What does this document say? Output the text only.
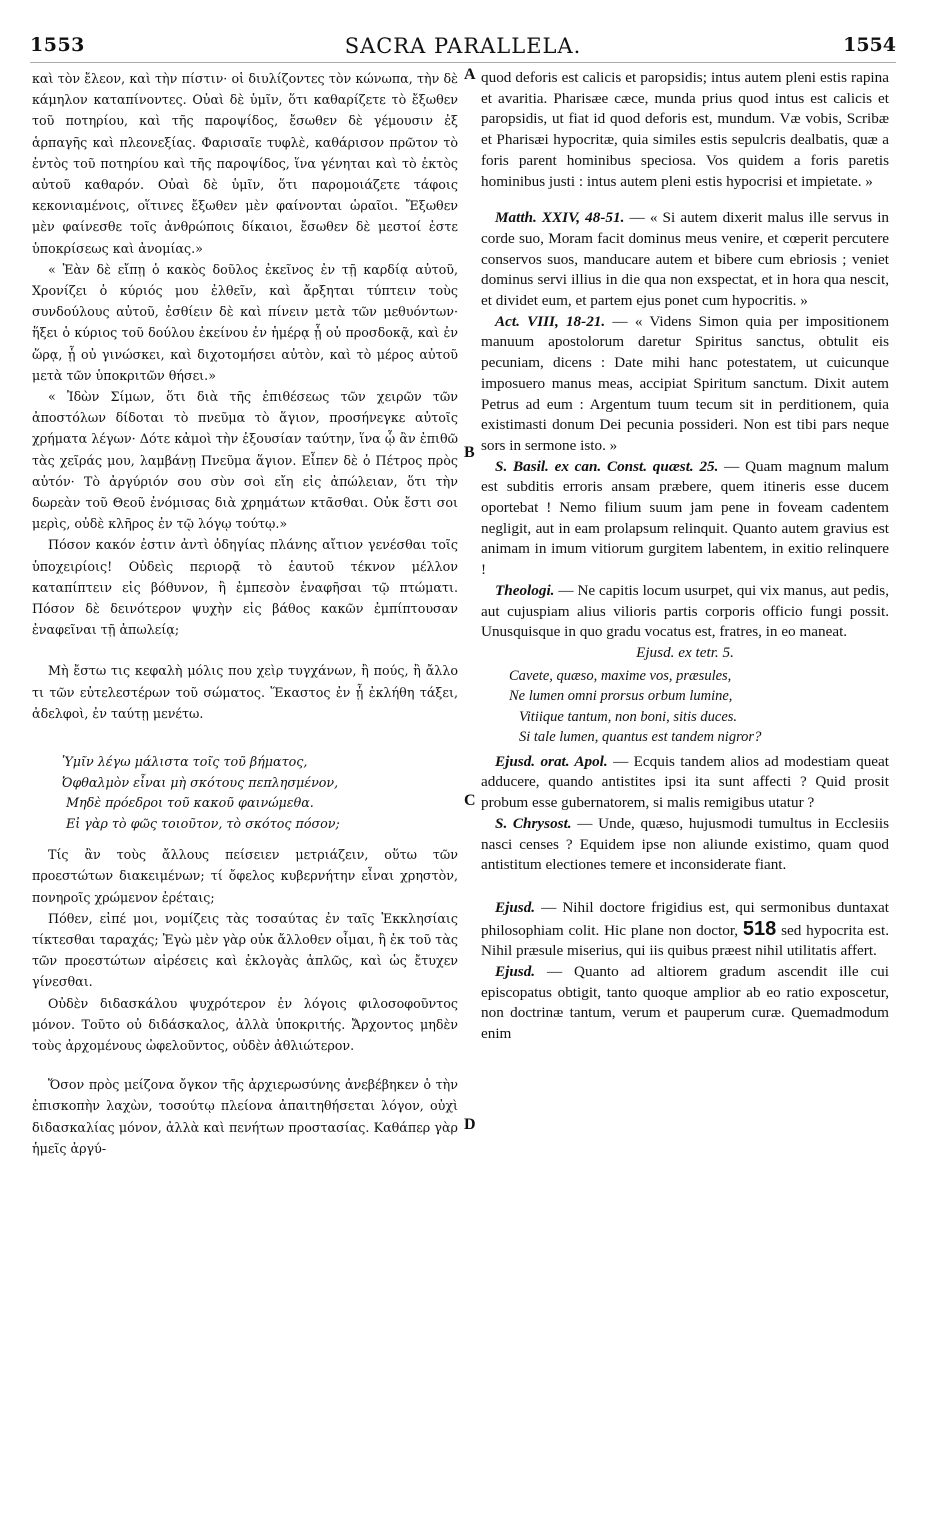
1553	SACRA PARALLELA.	1554
A
B
C
D

καὶ τὸν ἔλεον, καὶ τὴν πίστιν· οἱ διυλίζοντες τὸν κώνωπα, τὴν δὲ κάμηλον καταπίνοντες. Οὐαὶ δὲ ὑμῖν, ὅτι καθαρίζετε τὸ ἔξωθεν τοῦ ποτηρίου, καὶ τῆς παροψίδος, ἔσωθεν δὲ γέμουσιν ἐξ ἁρπαγῆς καὶ πλεονεξίας. Φαρισαῖε τυφλὲ, καθάρισον πρῶτον τὸ ἐντὸς τοῦ ποτηρίου καὶ τῆς παροψίδος, ἵνα γένηται καὶ τὸ ἐκτὸς αὐτοῦ καθαρόν. Οὐαὶ δὲ ὑμῖν, ὅτι παρομοιάζετε τάφοις κεκονιαμένοις, οἵτινες ἔξωθεν μὲν φαίνονται ὡραῖοι. Ἔξωθεν μὲν φαίνεσθε τοῖς ἀνθρώποις δίκαιοι, ἔσωθεν δὲ μεστοί ἐστε ὑποκρίσεως καὶ ἀνομίας.»

« Ἐὰν δὲ εἴπῃ ὁ κακὸς δοῦλος ἐκεῖνος ἐν τῇ καρδίᾳ αὐτοῦ, Χρονίζει ὁ κύριός μου ἐλθεῖν, καὶ ἄρξηται τύπτειν τοὺς συνδούλους αὐτοῦ, ἐσθίειν δὲ καὶ πίνειν μετὰ τῶν μεθυόντων· ἥξει ὁ κύριος τοῦ δούλου ἐκείνου ἐν ἡμέρᾳ ᾗ οὐ προσδοκᾷ, καὶ ἐν ὥρᾳ, ᾗ οὐ γινώσκει, καὶ διχοτομήσει αὐτὸν, καὶ τὸ μέρος αὐτοῦ μετὰ τῶν ὑποκριτῶν θήσει.»

« Ἰδὼν Σίμων, ὅτι διὰ τῆς ἐπιθέσεως τῶν χειρῶν τῶν ἀποστόλων δίδοται τὸ πνεῦμα τὸ ἅγιον, προσήνεγκε αὐτοῖς χρήματα λέγων· Δότε κἀμοὶ τὴν ἐξουσίαν ταύτην, ἵνα ᾧ ἂν ἐπιθῶ τὰς χεῖράς μου, λαμβάνῃ Πνεῦμα ἅγιον. Εἶπεν δὲ ὁ Πέτρος πρὸς αὐτόν· Τὸ ἀργύριόν σου σὺν σοὶ εἴη εἰς ἀπώλειαν, ὅτι τὴν δωρεὰν τοῦ Θεοῦ ἐνόμισας διὰ χρημάτων κτᾶσθαι. Οὐκ ἔστι σοι μερὶς, οὐδὲ κλῆρος ἐν τῷ λόγῳ τούτῳ.»

Πόσον κακόν ἐστιν ἀντὶ ὁδηγίας πλάνης αἴτιον γενέσθαι τοῖς ὑποχειρίοις! Οὐδεὶς περιορᾷ τὸ ἑαυτοῦ τέκνον μέλλον καταπίπτειν εἰς βόθυνον, ἢ ἐμπεσὸν ἐναφῆσαι τῷ πτώματι. Πόσον δὲ δεινότερον ψυχὴν εἰς βάθος κακῶν ἐμπίπτουσαν ἐναφεῖναι τῇ ἀπωλείᾳ;

Μὴ ἔστω τις κεφαλὴ μόλις που χεὶρ τυγχάνων, ἢ πούς, ἢ ἄλλο τι τῶν εὐτελεστέρων τοῦ σώματος. Ἕκαστος ἐν ᾗ ἐκλήθη τάξει, ἀδελφοὶ, ἐν ταύτῃ μενέτω.

Ὑμῖν λέγω μάλιστα τοῖς τοῦ βήματος,
Ὀφθαλμὸν εἶναι μὴ σκότους πεπλησμένον,
Μηδὲ πρόεδροι τοῦ κακοῦ φαινώμεθα.
Εἰ γὰρ τὸ φῶς τοιοῦτον, τὸ σκότος πόσον;

Τίς ἂν τοὺς ἄλλους πείσειεν μετριάζειν, οὕτω τῶν προεστώτων διακειμένων; τί ὄφελος κυβερνήτην εἶναι χρηστὸν, πονηροῖς χρώμενον ἐρέταις;

Πόθεν, εἰπέ μοι, νομίζεις τὰς τοσαύτας ἐν ταῖς Ἐκκλησίαις τίκτεσθαι ταραχάς; Ἐγὼ μὲν γὰρ οὐκ ἄλλοθεν οἶμαι, ἢ ἐκ τοῦ τὰς τῶν προεστώτων αἱρέσεις καὶ ἐκλογὰς ἁπλῶς, καὶ ὡς ἔτυχεν γίνεσθαι.

Οὐδὲν διδασκάλου ψυχρότερον ἐν λόγοις φιλοσοφοῦντος μόνον. Τοῦτο οὐ διδάσκαλος, ἀλλὰ ὑποκριτής. Ἄρχοντος μηδὲν τοὺς ἀρχομένους ὠφελοῦντος, οὐδὲν ἀθλιώτερον.

Ὅσον πρὸς μείζονα ὄγκον τῆς ἀρχιερωσύνης ἀνεβέβηκεν ὁ τὴν ἐπισκοπὴν λαχὼν, τοσούτῳ πλείονα ἀπαιτηθήσεται λόγον, οὐχὶ διδασκαλίας μόνον, ἀλλὰ καὶ πενήτων προστασίας. Καθάπερ γὰρ ἡμεῖς ἀργύ-

quod deforis est calicis et paropsidis; intus autem pleni estis rapina et avaritia. Pharisæe cæce, munda prius quod intus est calicis et paropsidis, ut fiat id quod deforis est, mundum. Væ vobis, Scribæ et Pharisæi hypocritæ, quia similes estis sepulcris dealbatis, quæ a foris parent hominibus speciosa. Vos quidem a foris paretis hominibus justi : intus autem pleni estis hypocrisi et impietate. »

Matth. XXIV, 48-51. — « Si autem dixerit malus ille servus in corde suo, Moram facit dominus meus venire, et cœperit percutere conservos suos, manducare autem et bibere cum ebriosis ; veniet dominus servi illius in die qua non exspectat, et in hora qua nescit, et dividet eum, et partem ejus ponet cum hypocritis. »

Act. VIII, 18-21. — « Videns Simon quia per impositionem manuum apostolorum daretur Spiritus sanctus, obtulit eis pecuniam, dicens : Date mihi hanc potestatem, ut cuicunque imposuero manus meas, accipiat Spiritum sanctum. Dixit autem Petrus ad eum : Argentum tuum tecum sit in perditionem, quia existimasti donum Dei pecunia possideri. Non est tibi pars neque sors in sermone isto. »

S. Basil. ex can. Const. quæst. 25. — Quam magnum malum est subditis erroris ansam præbere, quem itineris esse ducem oportebat ! Nemo filium suum jam pene in foveam cadentem negligit, aut in eam prolapsum relinquit. Quanto autem gravius est animam in imum vitiorum gurgitem labentem, in exitio relinquere !

Theologi. — Ne capitis locum usurpet, qui vix manus, aut pedis, aut cujuspiam alius vilioris partis corporis officio fungi possit. Unusquisque in quo gradu vocatus est, fratres, in eo maneat.

Ejusd. ex tetr. 5.

Cavete, quæso, maxime vos, præsules,
Ne lumen omni prorsus orbum lumine,
Vitiique tantum, non boni, sitis duces.
Si tale lumen, quantus est tandem nigror?

Ejusd. orat. Apol. — Ecquis tandem alios ad modestiam queat adducere, quando antistites ipsi ita sunt affecti ? Quid prosit probum esse gubernatorem, si malis remigibus utatur ?

S. Chrysost. — Unde, quæso, hujusmodi tumultus in Ecclesiis nasci censes ? Equidem ipse non aliunde existimo, quam quod antistitum electiones temere et inconsiderate fiant.

Ejusd. — Nihil doctore frigidius est, qui sermonibus duntaxat philosophiam colit. Hic plane non doctor, 518 sed hypocrita est. Nihil præsule miserius, qui iis quibus præest nihil utilitatis affert.

Ejusd. — Quanto ad altiorem gradum ascendit ille cui episcopatus obtigit, tanto quoque amplior ab eo ratio exposcetur, non doctrinæ tantum, verum et pauperum curæ. Quemadmodum enim
